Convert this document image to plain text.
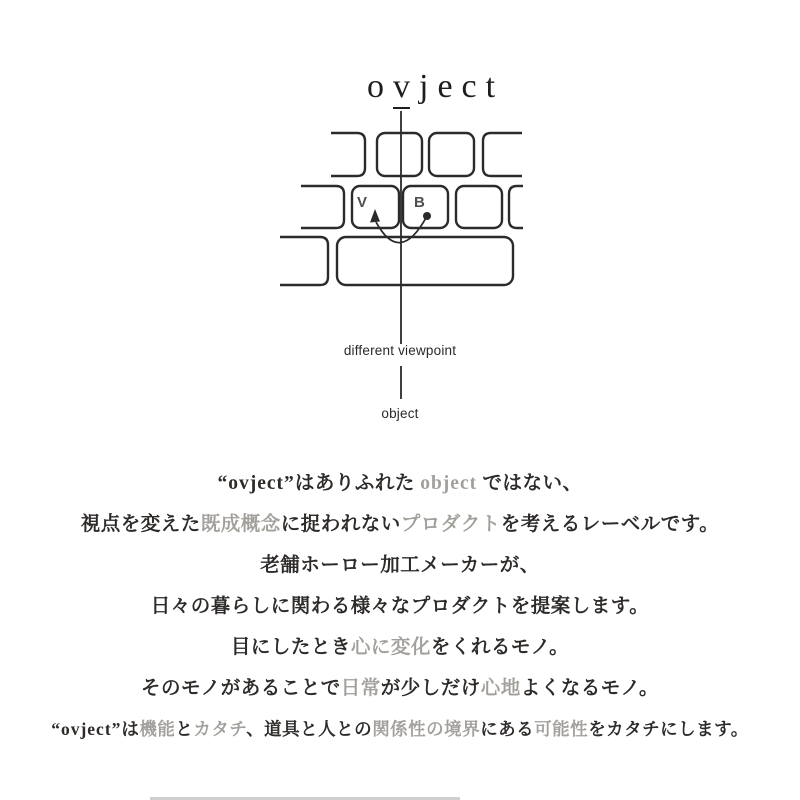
o v j e c t
V	B
different viewpoint
object
“ovject”はありふれた object ではない、
視点を変えた既成概念に捉われないプロダクトを考えるレーベルです。
老舗ホーロー加工メーカーが、
日々の暮らしに関わる様々なプロダクトを提案します。
目にしたとき心に変化をくれるモノ。
そのモノがあることで日常が少しだけ心地よくなるモノ。
“ovject”は機能とカタチ、道具と人との関係性の境界にある可能性をカタチにします。
